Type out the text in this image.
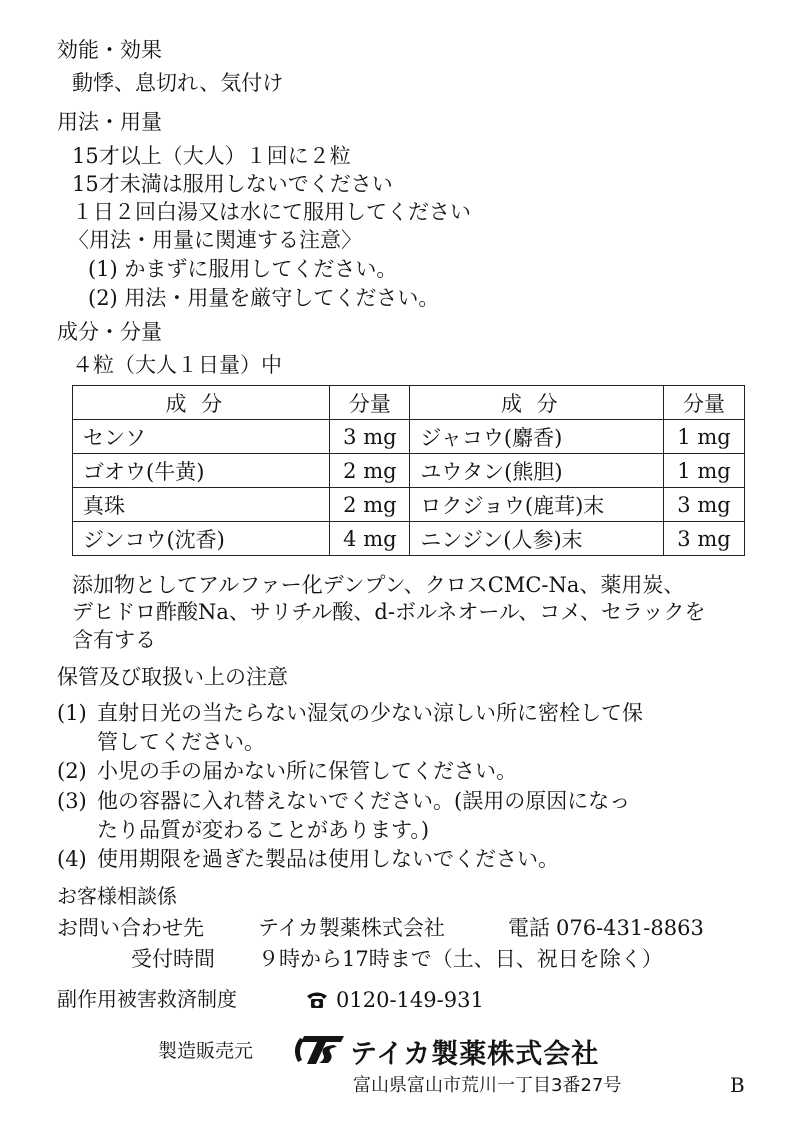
効能・効果
動悸、息切れ、気付け
用法・用量
15才以上（大人）１回に２粒
15才未満は服用しないでください
１日２回白湯又は水にて服用してください
〈用法・用量に関連する注意〉
(1) かまずに服用してください。
(2) 用法・用量を厳守してください。
成分・分量
４粒（大人１日量）中
成分	分量	成分	分量
センソ	3 mg	ジャコウ(麝香)	1 mg
ゴオウ(牛黄)	2 mg	ユウタン(熊胆)	1 mg
真珠	2 mg	ロクジョウ(鹿茸)末	3 mg
ジンコウ(沈香)	4 mg	ニンジン(人参)末	3 mg
添加物としてアルファー化デンプン、クロスCMC-Na、薬用炭、
デヒドロ酢酸Na、サリチル酸、d-ボルネオール、コメ、セラックを
含有する
保管及び取扱い上の注意
(1) 直射日光の当たらない湿気の少ない涼しい所に密栓して保
管してください。
(2) 小児の手の届かない所に保管してください。
(3) 他の容器に入れ替えないでください。(誤用の原因になっ
たり品質が変わることがあります。)
(4) 使用期限を過ぎた製品は使用しないでください。
お客様相談係
お問い合わせ先	テイカ製薬株式会社	電話 076-431-8863
受付時間 ９時から17時まで（土、日、祝日を除く）
副作用被害救済制度	0120-149-931
製造販売元	テイカ製薬株式会社
富山県富山市荒川一丁目3番27号	B
